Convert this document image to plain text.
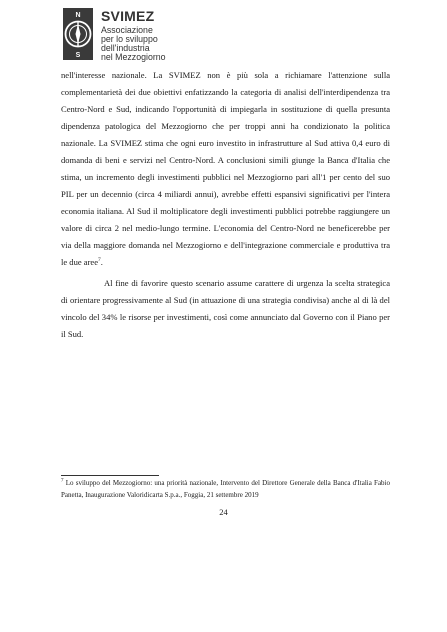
N
S
SVIMEZ
Associazione
per lo sviluppo
dell'industria
nel Mezzogiorno

nell'interesse nazionale. La SVIMEZ non è più sola a richiamare l'attenzione sulla complementarietà dei due obiettivi enfatizzando la categoria di analisi dell'interdipendenza tra Centro-Nord e Sud, indicando l'opportunità di impiegarla in sostituzione di quella presunta dipendenza patologica del Mezzogiorno che per troppi anni ha condizionato la politica nazionale. La SVIMEZ stima che ogni euro investito in infrastrutture al Sud attiva 0,4 euro di domanda di beni e servizi nel Centro-Nord. A conclusioni simili giunge la Banca d'Italia che stima, un incremento degli investimenti pubblici nel Mezzogiorno pari all'1 per cento del suo PIL per un decennio (circa 4 miliardi annui), avrebbe effetti espansivi significativi per l'intera economia italiana. Al Sud il moltiplicatore degli investimenti pubblici potrebbe raggiungere un valore di circa 2 nel medio-lungo termine. L'economia del Centro-Nord ne beneficerebbe per via della maggiore domanda nel Mezzogiorno e dell'integrazione commerciale e produttiva tra le due aree$^7$.

Al fine di favorire questo scenario assume carattere di urgenza la scelta strategica di orientare progressivamente al Sud (in attuazione di una strategia condivisa) anche al di là del vincolo del 34% le risorse per investimenti, così come annunciato dal Governo con il Piano per il Sud.

$^7$ Lo sviluppo del Mezzogiorno: una priorità nazionale, Intervento del Direttore Generale della Banca d'Italia Fabio Panetta, Inaugurazione Valoridicarta S.p.a., Foggia, 21 settembre 2019
24
